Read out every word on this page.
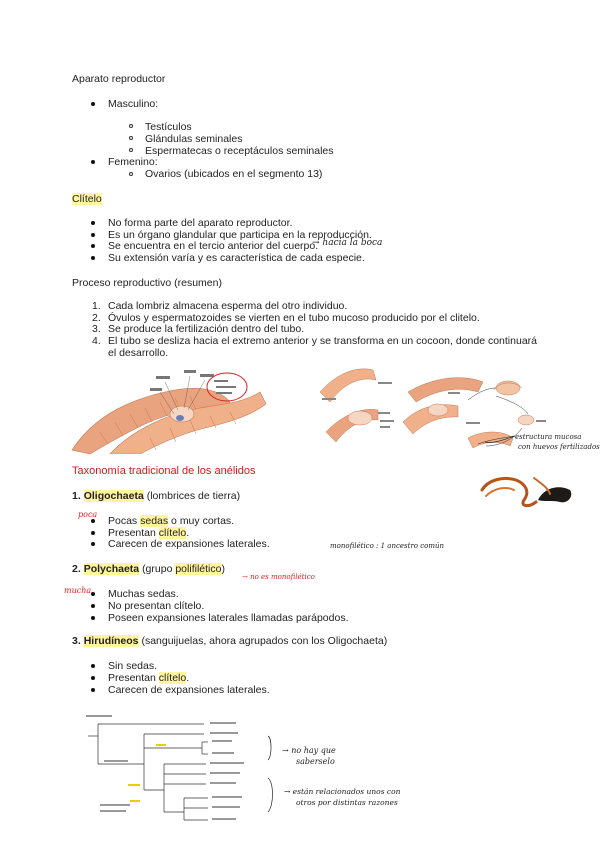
Aparato reproductor
Masculino:
Testículos
Glándulas seminales
Espermatecas o receptáculos seminales
Femenino:
Ovarios (ubicados en el segmento 13)
Clítelo
No forma parte del aparato reproductor.
Es un órgano glandular que participa en la reproducción.
Se encuentra en el tercio anterior del cuerpo.
→ hacia la boca
Su extensión varía y es característica de cada especie.
Proceso reproductivo (resumen)
1. Cada lombriz almacena esperma del otro individuo.
2. Óvulos y espermatozoides se vierten en el tubo mucoso producido por el clitelo.
3. Se produce la fertilización dentro del tubo.
4. El tubo se desliza hacia el extremo anterior y se transforma en un cocoon, donde continuará
el desarrollo.
estructura mucosa
con huevos fertilizados
Taxonomía tradicional de los anélidos
1. Oligochaeta (lombrices de tierra)
poca
Pocas sedas o muy cortas.
Presentan clítelo.
Carecen de expansiones laterales.	monofilético : 1 ancestro común
2. Polychaeta (grupo polifilético)
→ no es monofilético
mucha Muchas sedas.
No presentan clítelo.
Poseen expansiones laterales llamadas parápodos.
3. Hirudíneos (sanguijuelas, ahora agrupados con los Oligochaeta)
Sin sedas.
Presentan clítelo.
Carecen de expansiones laterales.
→ no hay que
saberselo
→ están relacionados unos con
otros por distintas razones
